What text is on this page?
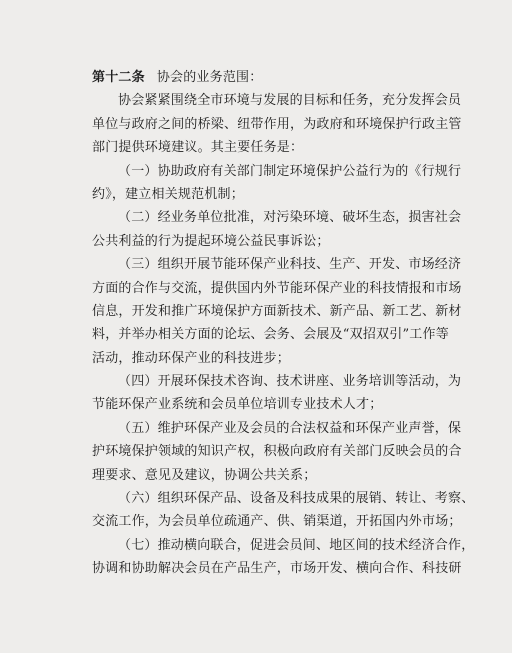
第十二条 协会的业务范围：
协会紧紧围绕全市环境与发展的目标和任务，充分发挥会员
单位与政府之间的桥梁、纽带作用，为政府和环境保护行政主管
部门提供环境建议。其主要任务是：
（一）协助政府有关部门制定环境保护公益行为的《行规行
约》，建立相关规范机制；
（二）经业务单位批准，对污染环境、破坏生态，损害社会
公共利益的行为提起环境公益民事诉讼；
（三）组织开展节能环保产业科技、生产、开发、市场经济
方面的合作与交流，提供国内外节能环保产业的科技情报和市场
信息，开发和推广环境保护方面新技术、新产品、新工艺、新材
料，并举办相关方面的论坛、会务、会展及“双招双引”工作等
活动，推动环保产业的科技进步；
（四）开展环保技术咨询、技术讲座、业务培训等活动，为
节能环保产业系统和会员单位培训专业技术人才；
（五）维护环保产业及会员的合法权益和环保产业声誉，保
护环境保护领域的知识产权，积极向政府有关部门反映会员的合
理要求、意见及建议，协调公共关系；
（六）组织环保产品、设备及科技成果的展销、转让、考察、
交流工作，为会员单位疏通产、供、销渠道，开拓国内外市场；
（七）推动横向联合，促进会员间、地区间的技术经济合作，
协调和协助解决会员在产品生产，市场开发、横向合作、科技研
